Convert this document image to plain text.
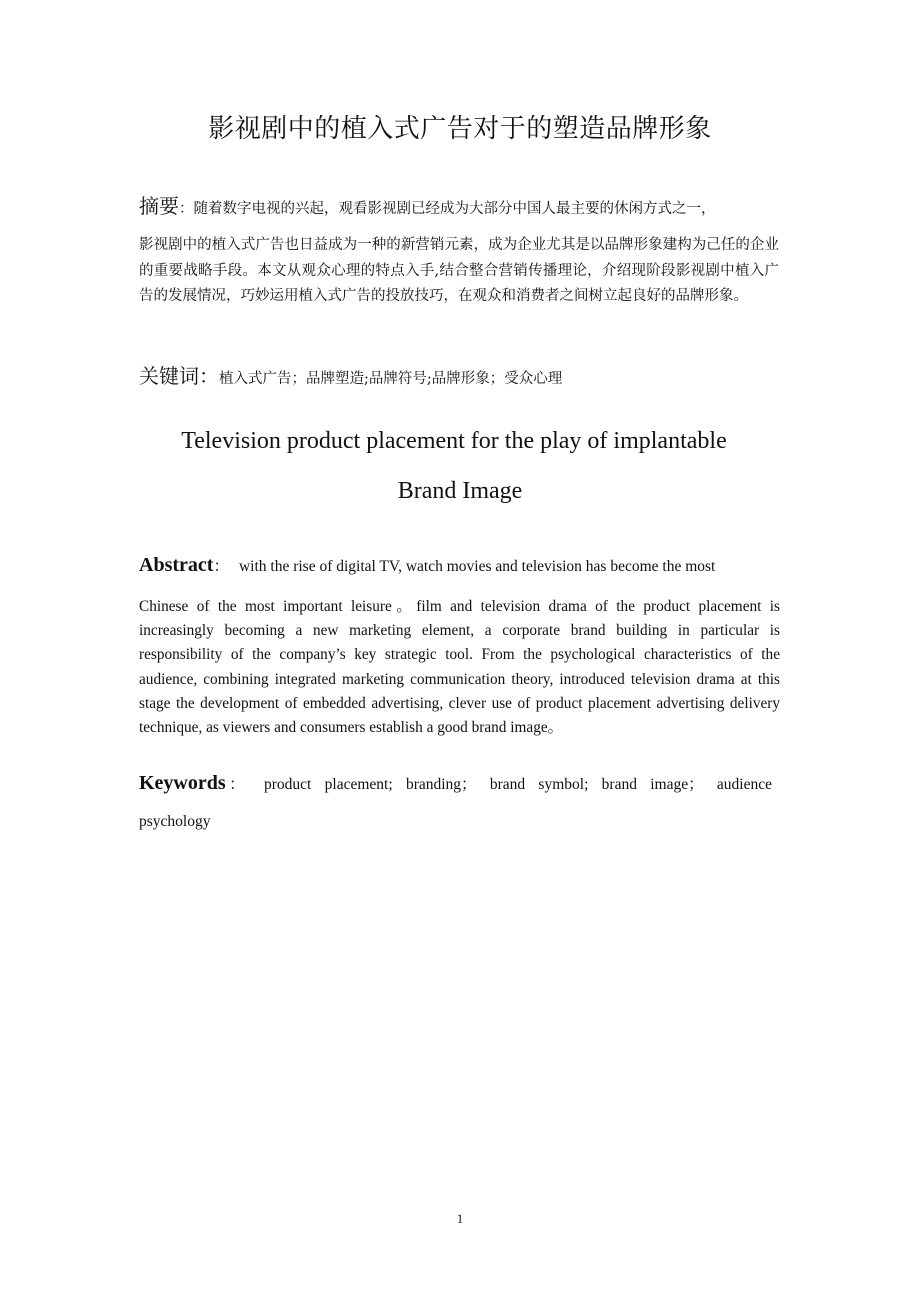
影视剧中的植入式广告对于的塑造品牌形象
摘要：随着数字电视的兴起，观看影视剧已经成为大部分中国人最主要的休闲方式之一，
影视剧中的植入式广告也日益成为一种的新营销元素，成为企业尤其是以品牌形象建构为己任的企业的重要战略手段。本文从观众心理的特点入手,结合整合营销传播理论，介绍现阶段影视剧中植入广告的发展情况，巧妙运用植入式广告的投放技巧，在观众和消费者之间树立起良好的品牌形象。
关键词：植入式广告；品牌塑造;品牌符号;品牌形象；受众心理
Television product placement for the play of implantable
Brand Image
Abstract： with the rise of digital TV, watch movies and television has become the most
Chinese of the most important leisure。film and television drama of the product placement is increasingly becoming a new marketing element, a corporate brand building in particular is responsibility of the company’s key strategic tool. From the psychological characteristics of the audience, combining integrated marketing communication theory, introduced television drama at this stage the development of embedded advertising, clever use of product placement advertising delivery technique, as viewers and consumers establish a good brand image。
Keywords： product placement; branding； brand symbol; brand image； audience
psychology
1
